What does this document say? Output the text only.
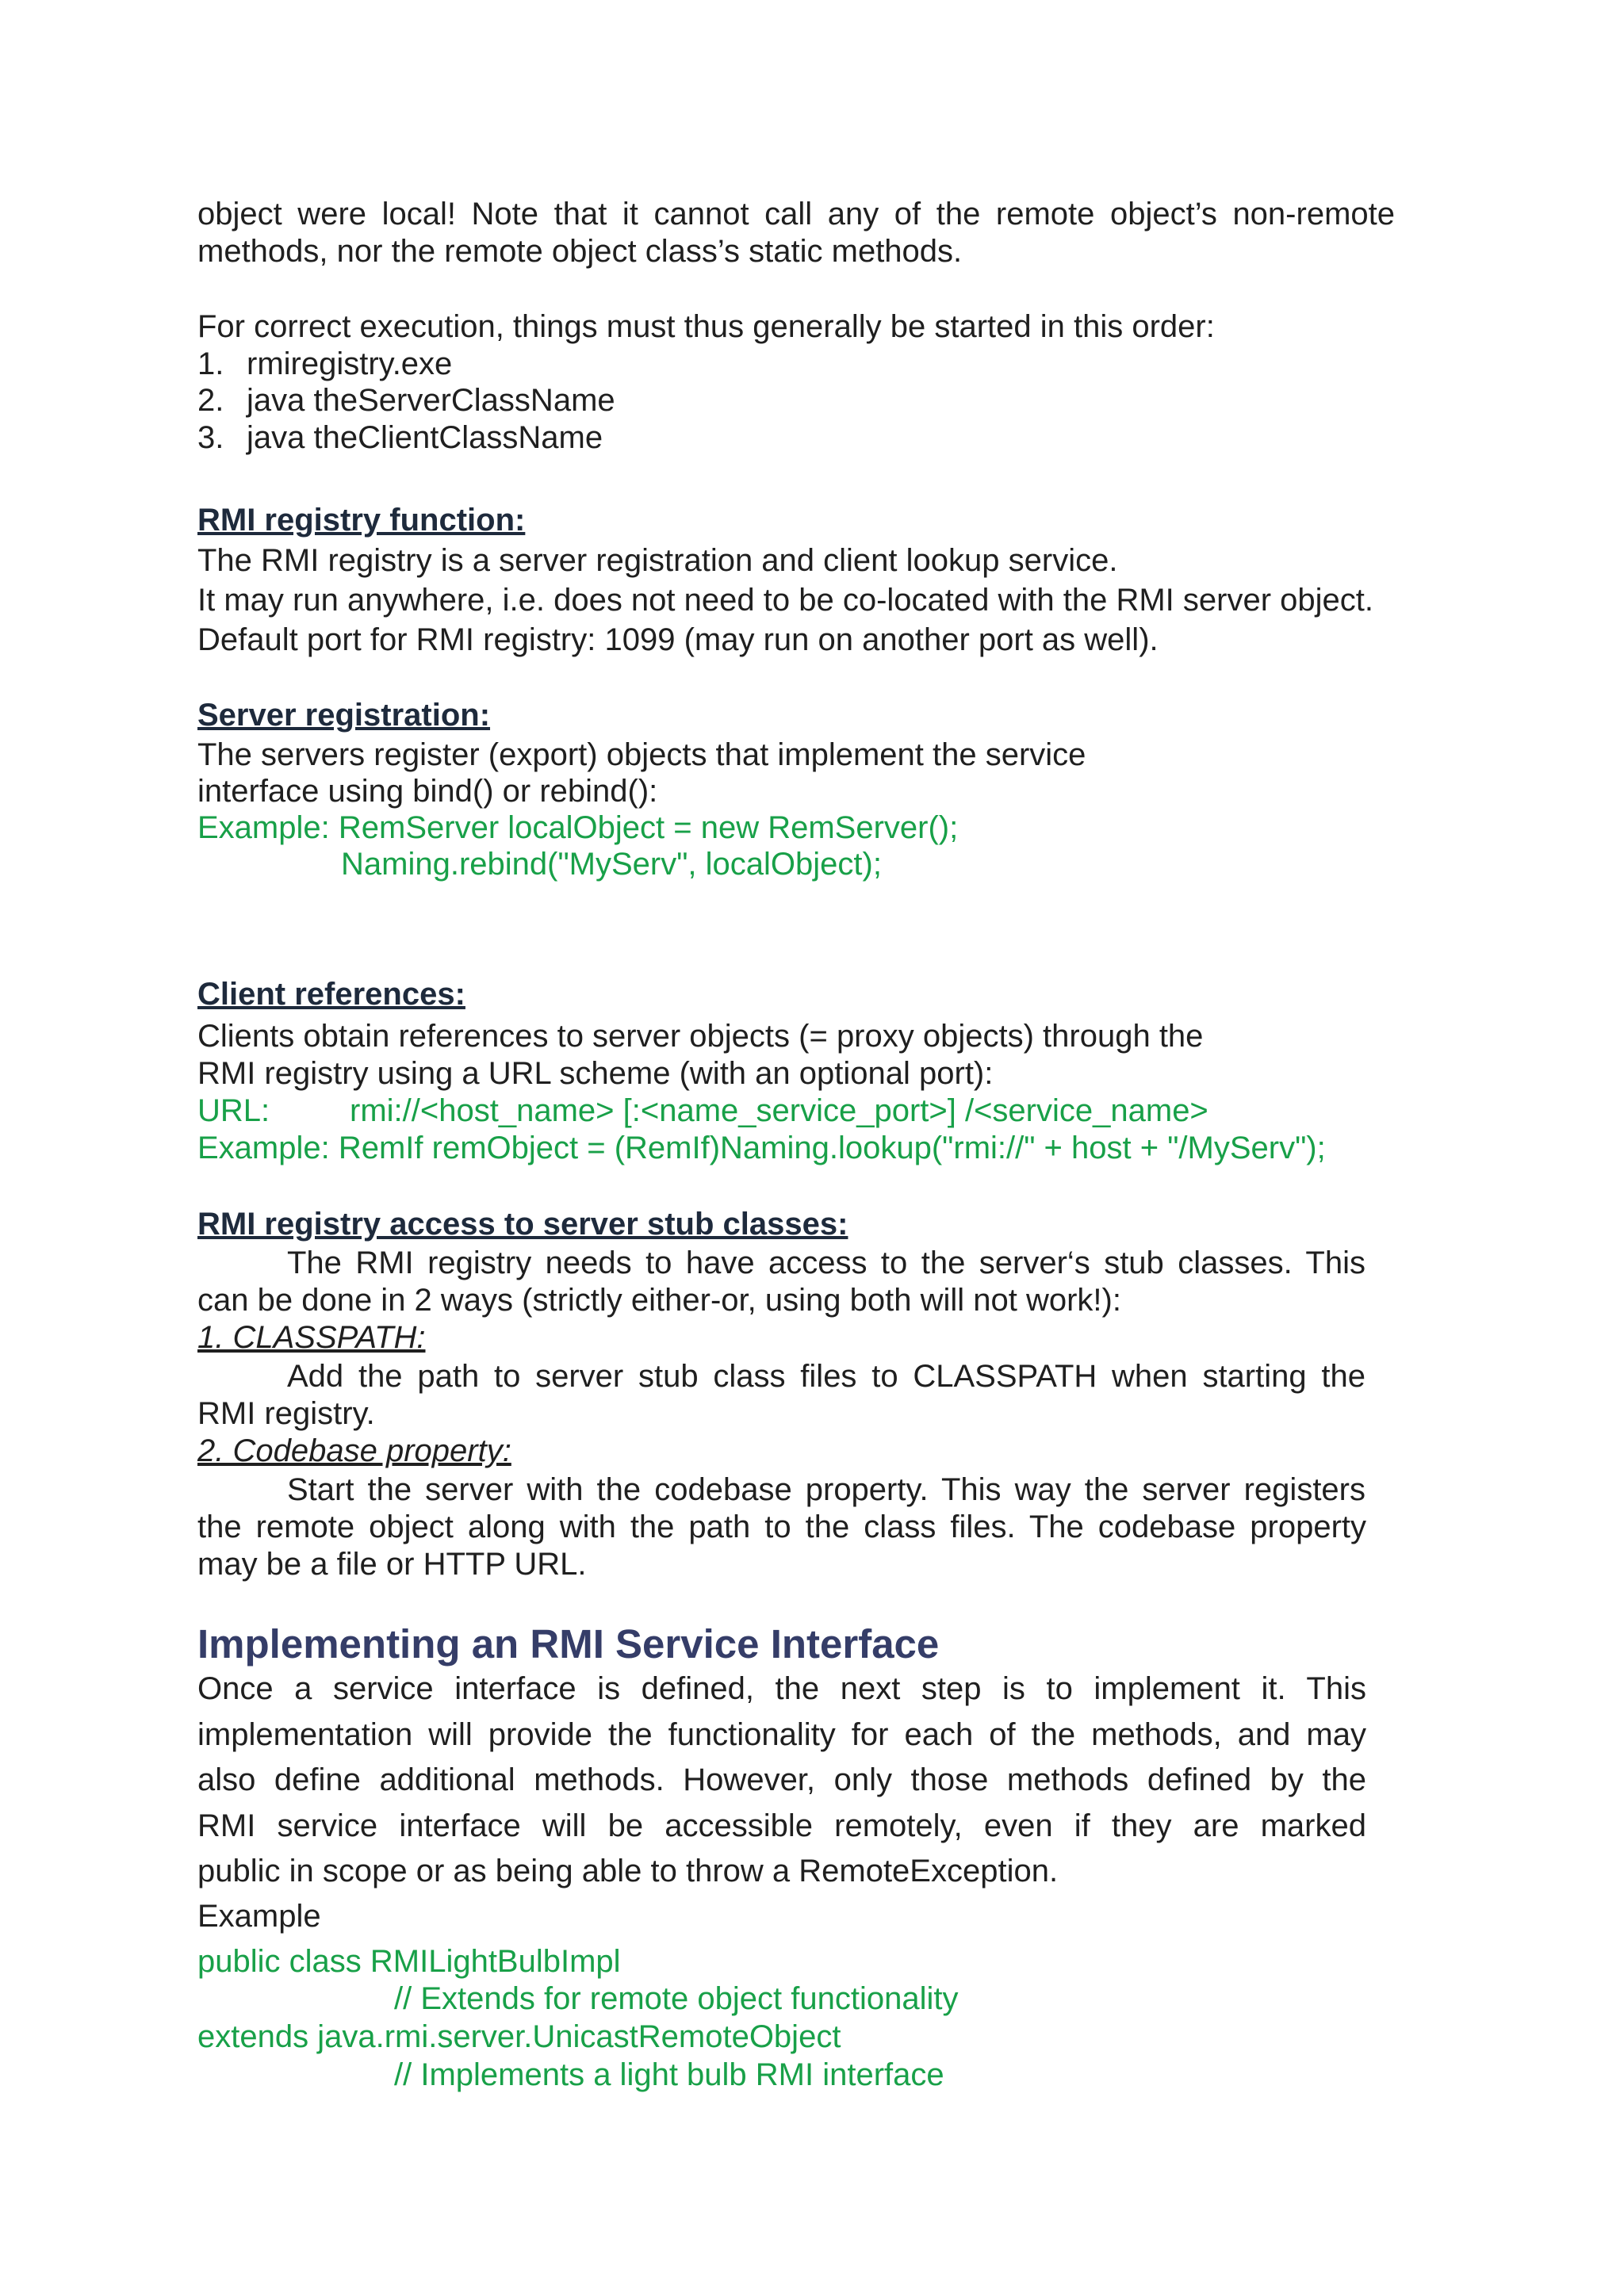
object were local! Note that it cannot call any of the remote object’s non-remote
methods, nor the remote object class’s static methods.
For correct execution, things must thus generally be started in this order:
1. rmiregistry.exe
2. java theServerClassName
3. java theClientClassName
RMI registry function:
The RMI registry is a server registration and client lookup service.
It may run anywhere, i.e. does not need to be co-located with the RMI server object.
Default port for RMI registry: 1099 (may run on another port as well).
Server registration:
The servers register (export) objects that implement the service
interface using bind() or rebind():
Example: RemServer localObject = new RemServer();
Naming.rebind("MyServ", localObject);
Client references:
Clients obtain references to server objects (= proxy objects) through the
RMI registry using a URL scheme (with an optional port):
URL:	rmi://<host_name> [:<name_service_port>] /<service_name>
Example: RemIf remObject = (RemIf)Naming.lookup("rmi://" + host + "/MyServ");
RMI registry access to server stub classes:
The RMI registry needs to have access to the server‘s stub classes. This
can be done in 2 ways (strictly either-or, using both will not work!):
1. CLASSPATH:
Add the path to server stub class files to CLASSPATH when starting the
RMI registry.
2. Codebase property:
Start the server with the codebase property. This way the server registers
the remote object along with the path to the class files. The codebase property
may be a file or HTTP URL.
Implementing an RMI Service Interface
Once a service interface is defined, the next step is to implement it. This
implementation will provide the functionality for each of the methods, and may
also define additional methods. However, only those methods defined by the
RMI service interface will be accessible remotely, even if they are marked
public in scope or as being able to throw a RemoteException.
Example
public class RMILightBulbImpl
// Extends for remote object functionality
extends java.rmi.server.UnicastRemoteObject
// Implements a light bulb RMI interface
